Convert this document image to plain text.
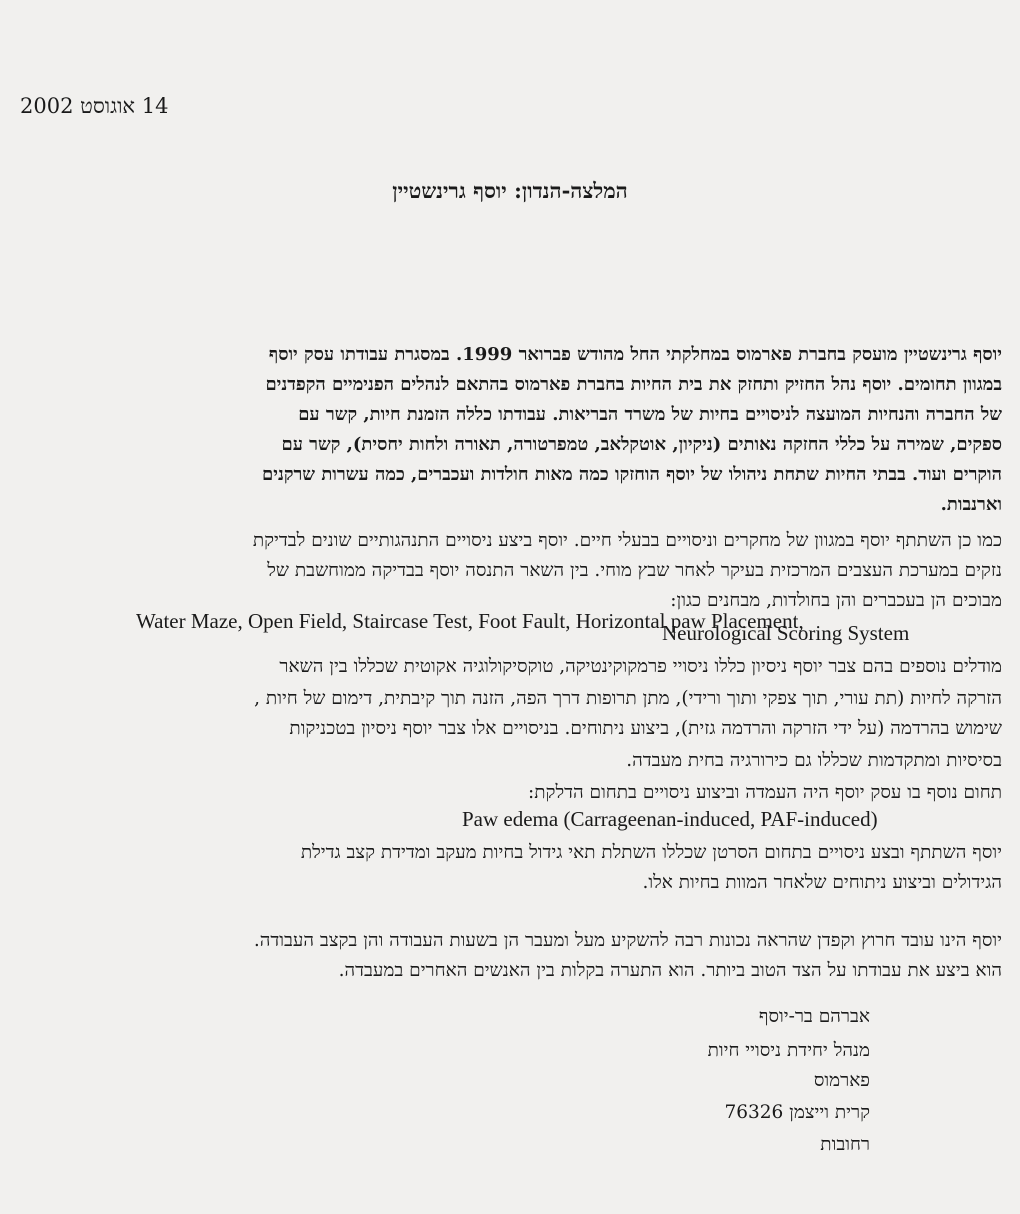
14 אוגוסט 2002
המלצה-הנדון: יוסף גרינשטיין
יוסף גרינשטיין מועסק בחברת פארמוס במחלקתי החל מהודש פברואר 1999. במסגרת עבודתו עסק יוסף
במגוון תחומים. יוסף נהל החזיק ותחזק את בית החיות בחברת פארמוס בהתאם לנהלים הפנימיים הקפדנים
של החברה והנחיות המועצה לניסויים בחיות של משרד הבריאות. עבודתו כללה הזמנת חיות, קשר עם
ספקים, שמירה על כללי החזקה נאותים (ניקיון, אוטקלאב, טמפרטורה, תאורה ולחות יחסית), קשר עם
הוקרים ועוד. בבתי החיות שתחת ניהולו של יוסף הוחזקו כמה מאות חולדות ועכברים, כמה עשרות שרקנים
וארנבות.
כמו כן השתתף יוסף במגוון של מחקרים וניסויים בבעלי חיים. יוסף ביצע ניסויים התנהגותיים שונים לבדיקת
נזקים במערכת העצבים המרכזית בעיקר לאחר שבץ מוחי. בין השאר התנסה יוסף בבדיקה ממוחשבת של
מבוכים הן בעכברים והן בחולדות, מבחנים כגון:
Water Maze, Open Field, Staircase Test, Foot Fault, Horizontal paw Placement,
Neurological Scoring System
מודלים נוספים בהם צבר יוסף ניסיון כללו ניסויי פרמקוקינטיקה, טוקסיקולוגיה אקוטית שכללו בין השאר
הזרקה לחיות (תת עורי, תוך צפקי ותוך ורידי), מתן תרופות דרך הפה, הזנה תוך קיבתית, דימום של חיות ,
שימוש בהרדמה (על ידי הזרקה והרדמה גזית), ביצוע ניתוחים. בניסויים אלו צבר יוסף ניסיון בטכניקות
בסיסיות ומתקדמות שכללו גם כירורגיה בחית מעבדה.
תחום נוסף בו עסק יוסף היה העמדה וביצוע ניסויים בתחום הדלקת:
Paw edema (Carrageenan-induced, PAF-induced)
יוסף השתתף ובצע ניסויים בתחום הסרטן שכללו השתלת תאי גידול בחיות מעקב ומדידת קצב גדילת
הגידולים וביצוע ניתוחים שלאחר המוות בחיות אלו.
יוסף הינו עובד חרוץ וקפדן שהראה נכונות רבה להשקיע מעל ומעבר הן בשעות העבודה והן בקצב העבודה.
הוא ביצע את עבודתו על הצד הטוב ביותר. הוא התערה בקלות בין האנשים האחרים במעבדה.
אברהם בר-יוסף
מנהל יחידת ניסויי חיות
פארמוס
קרית וייצמן 76326
רחובות
